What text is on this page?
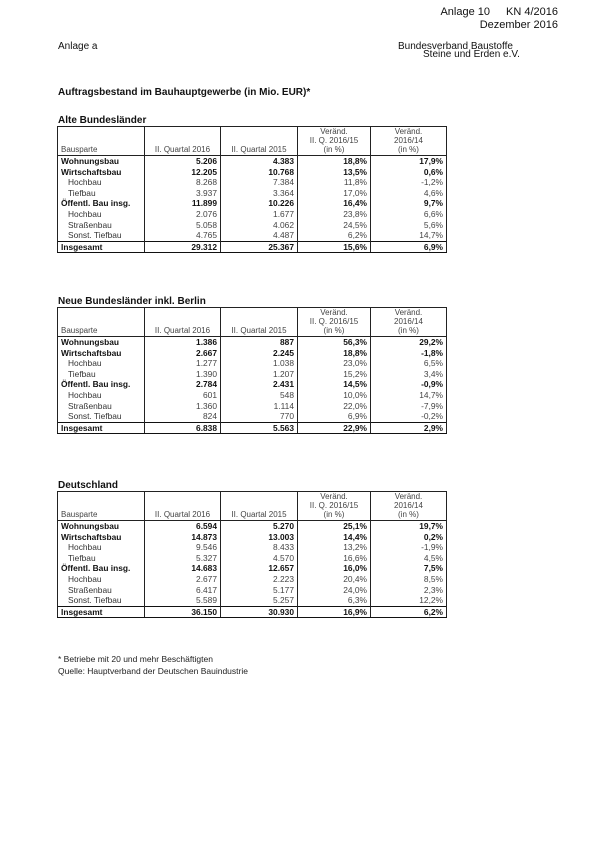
Anlage 10 KN 4/2016
Dezember 2016
Anlage a	Bundesverband Baustoffe
Steine und Erden e.V.
Auftragsbestand im Bauhauptgewerbe (in Mio. EUR)*
Alte Bundesländer
Bausparte	II. Quartal 2016	II. Quartal 2015	Veränd.
II. Q. 2016/15
(in %)	Veränd.
2016/14
(in %)
Wohnungsbau	5.206	4.383	18,8%	17,9%
Wirtschaftsbau	12.205	10.768	13,5%	0,6%
Hochbau	8.268	7.384	11,8%	-1,2%
Tiefbau	3.937	3.364	17,0%	4,6%
Öffentl. Bau insg.	11.899	10.226	16,4%	9,7%
Hochbau	2.076	1.677	23,8%	6,6%
Straßenbau	5.058	4.062	24,5%	5,6%
Sonst. Tiefbau	4.765	4.487	6,2%	14,7%
Insgesamt	29.312	25.367	15,6%	6,9%
Neue Bundesländer inkl. Berlin
Bausparte	II. Quartal 2016	II. Quartal 2015	Veränd.
II. Q. 2016/15
(in %)	Veränd.
2016/14
(in %)
Wohnungsbau	1.386	887	56,3%	29,2%
Wirtschaftsbau	2.667	2.245	18,8%	-1,8%
Hochbau	1.277	1.038	23,0%	6,5%
Tiefbau	1.390	1.207	15,2%	3,4%
Öffentl. Bau insg.	2.784	2.431	14,5%	-0,9%
Hochbau	601	548	10,0%	14,7%
Straßenbau	1.360	1.114	22,0%	-7,9%
Sonst. Tiefbau	824	770	6,9%	-0,2%
Insgesamt	6.838	5.563	22,9%	2,9%
Deutschland
Bausparte	II. Quartal 2016	II. Quartal 2015	Veränd.
II. Q. 2016/15
(in %)	Veränd.
2016/14
(in %)
Wohnungsbau	6.594	5.270	25,1%	19,7%
Wirtschaftsbau	14.873	13.003	14,4%	0,2%
Hochbau	9.546	8.433	13,2%	-1,9%
Tiefbau	5.327	4.570	16,6%	4,5%
Öffentl. Bau insg.	14.683	12.657	16,0%	7,5%
Hochbau	2.677	2.223	20,4%	8,5%
Straßenbau	6.417	5.177	24,0%	2,3%
Sonst. Tiefbau	5.589	5.257	6,3%	12,2%
Insgesamt	36.150	30.930	16,9%	6,2%
* Betriebe mit 20 und mehr Beschäftigten
Quelle: Hauptverband der Deutschen Bauindustrie
